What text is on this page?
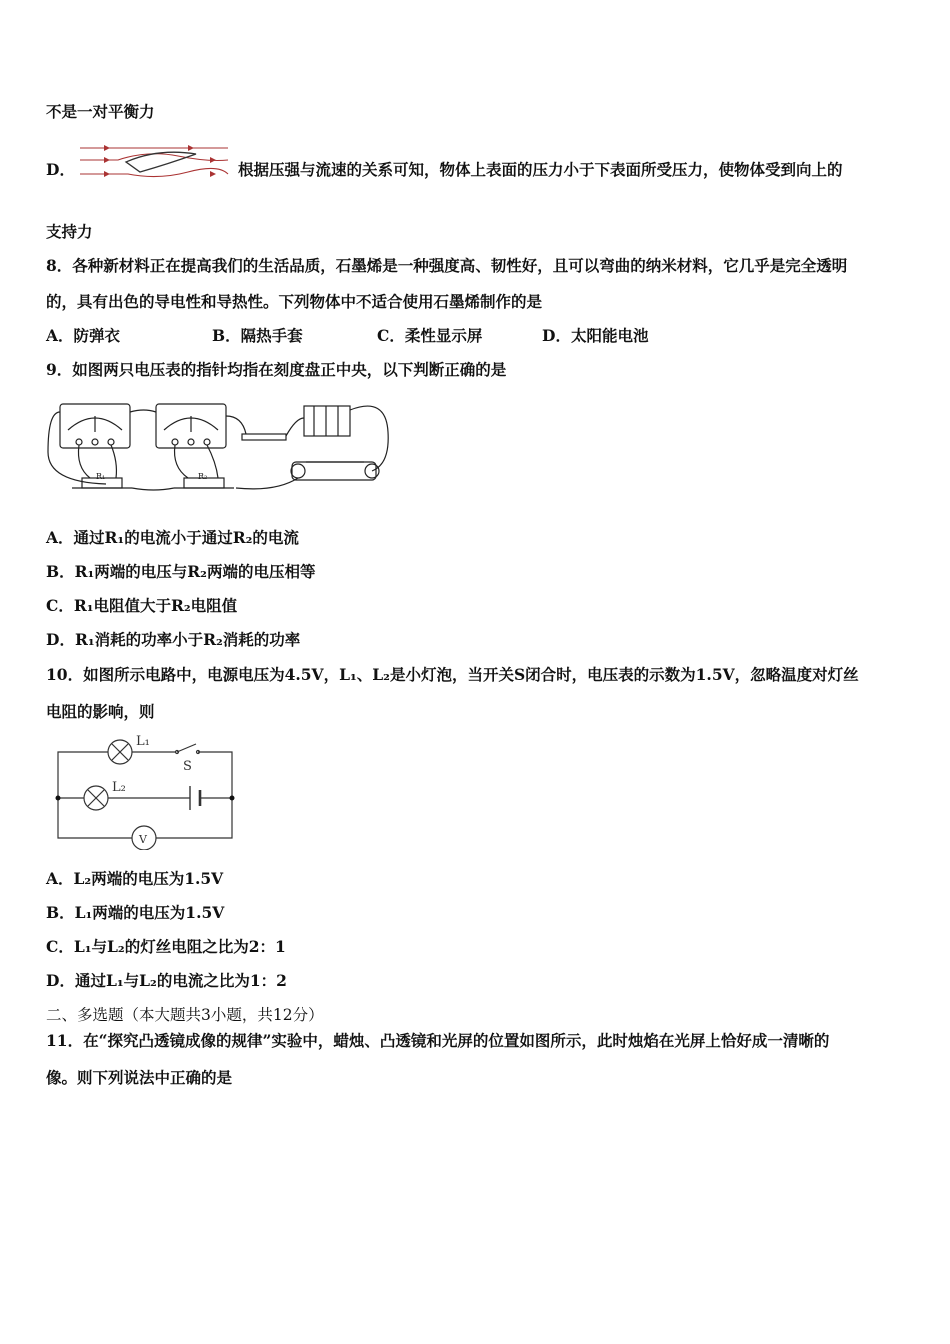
不是一对平衡力
D．	根据压强与流速的关系可知，物体上表面的压力小于下表面所受压力，使物体受到向上的
支持力
8．各种新材料正在提高我们的生活品质，石墨烯是一种强度高、韧性好，且可以弯曲的纳米材料，它几乎是完全透明
的，具有出色的导电性和导热性。下列物体中不适合使用石墨烯制作的是
A．防弹衣	B．隔热手套	C．柔性显示屏	D．太阳能电池
9．如图两只电压表的指针均指在刻度盘正中央，以下判断正确的是
R₁	R₂
A．通过R₁的电流小于通过R₂的电流
B．R₁两端的电压与R₂两端的电压相等
C．R₁电阻值大于R₂电阻值
D．R₁消耗的功率小于R₂消耗的功率
10．如图所示电路中，电源电压为4.5V，L₁、L₂是小灯泡，当开关S闭合时，电压表的示数为1.5V，忽略温度对灯丝
电阻的影响，则
L₁
S
L₂
V
A．L₂两端的电压为1.5V
B．L₁两端的电压为1.5V
C．L₁与L₂的灯丝电阻之比为2：1
D．通过L₁与L₂的电流之比为1：2
二、多选题（本大题共3小题，共12分）
11．在“探究凸透镜成像的规律”实验中，蜡烛、凸透镜和光屏的位置如图所示，此时烛焰在光屏上恰好成一清晰的
像。则下列说法中正确的是
